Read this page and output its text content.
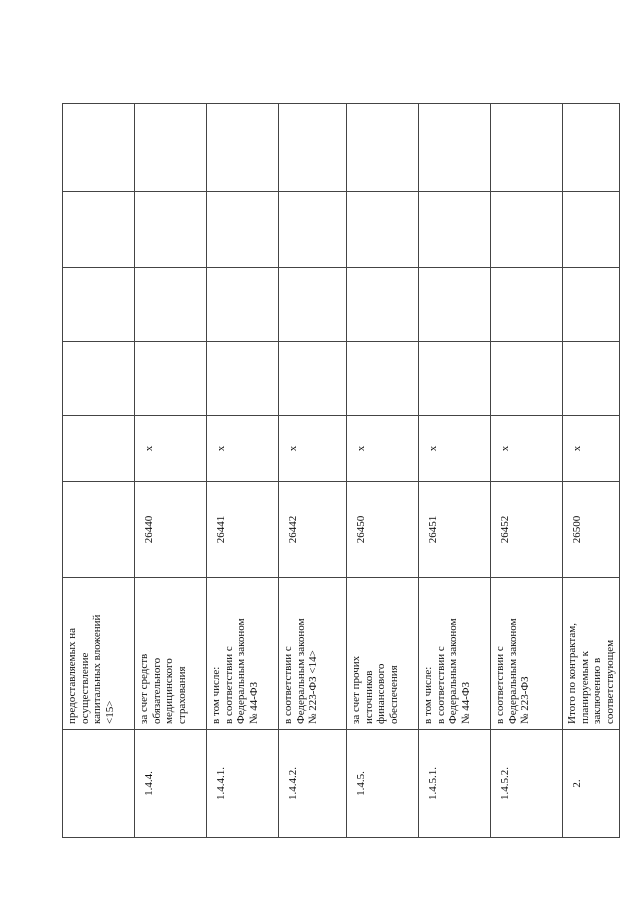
	предоставляемых на осуществление капитальных вложений <15>						

1.4.4.	за счет средств обязательного медицинского страхования	26440	x				
1.4.4.1.	в том числе: в соответствии с Федеральным законом № 44-ФЗ	26441	x				
1.4.4.2.	в соответствии с Федеральным законом № 223-ФЗ <14>	26442	x				
1.4.5.	за счет прочих источников финансового обеспечения	26450	x				
1.4.5.1.	в том числе: в соответствии с Федеральным законом № 44-ФЗ	26451	x				
1.4.5.2.	в соответствии с Федеральным законом № 223-ФЗ	26452	x				
2.	Итого по контрактам, планируемым к заключению в соответствующем	26500	x				
